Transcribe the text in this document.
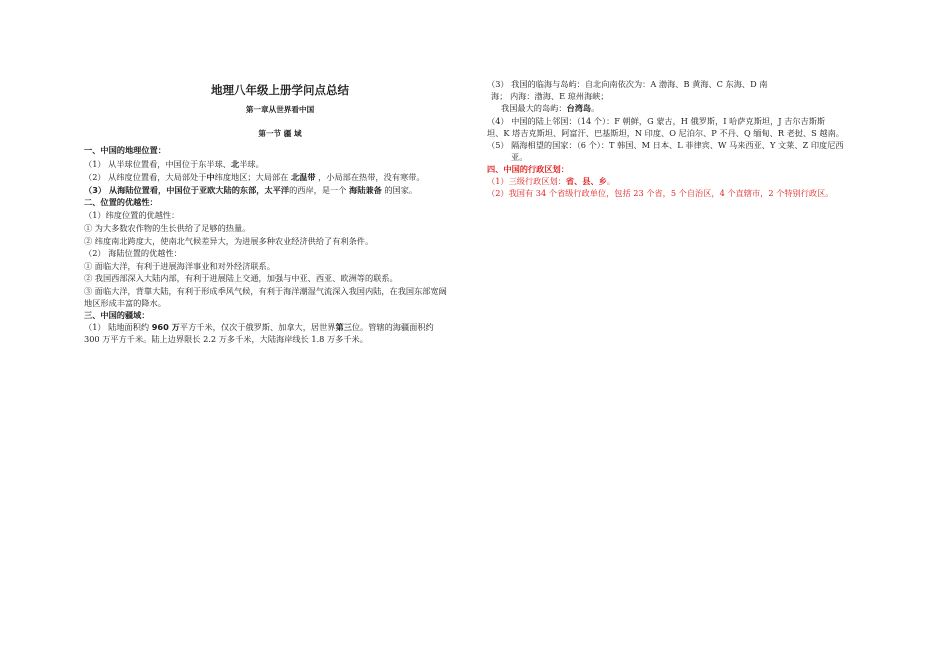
地理八年级上册学问点总结
第一章从世界看中国
第一节 疆 域
一、中国的地理位置：
（1） 从半球位置看，中国位于东半球、北半球。
（2） 从纬度位置看，大局部处于中纬度地区；大局部在 北温带 ，小局部在热带，没有寒带。
（3） 从海陆位置看，中国位于亚欧大陆的东部，太平洋的西岸，是一个 海陆兼备 的国家。
二、位置的优越性：
（1）纬度位置的优越性：
① 为大多数农作物的生长供给了足够的热量。
② 纬度南北跨度大，使南北气候差异大，为进展多种农业经济供给了有利条件。
（2） 海陆位置的优越性：
① 面临大洋，有利于进展海洋事业和对外经济联系。
② 我国西部深入大陆内部，有利于进展陆上交通，加强与中亚、西亚、欧洲等的联系。
③ 面临大洋，背靠大陆，有利于形成季风气候，有利于海洋潮湿气流深入我国内陆，在我国东部宽阔
地区形成丰富的降水。
三、中国的疆域：
（1） 陆地面积约 960 万平方千米，仅次于俄罗斯、加拿大，居世界第三位。管辖的海疆面积约
300 万平方千米。陆上边界限长 2.2 万多千米，大陆海岸线长 1.8 万多千米。
（3） 我国的临海与岛屿：自北向南依次为：A 渤海、B 黄海、C 东海、D 南
海； 内海：渤海、E 琼州海峡；
我国最大的岛屿：台湾岛。
（4） 中国的陆上邻国：（14 个）：F 朝鲜，G 蒙古，H 俄罗斯，I 哈萨克斯坦，J 吉尔吉斯斯
坦、K 塔吉克斯坦、阿富汗、巴基斯坦，N 印度、O 尼泊尔、P 不丹、Q 缅甸、R 老挝、S 越南。
（5） 隔海相望的国家：（6 个）：T 韩国、M 日本、L 菲律宾、W 马来西亚、Y 文莱、Z 印度尼西
亚。
四、中国的行政区划：
（1）三级行政区划：省、县、乡。
（2）我国有 34 个省级行政单位，包括 23 个省，5 个自治区，4 个直辖市，2 个特别行政区。
